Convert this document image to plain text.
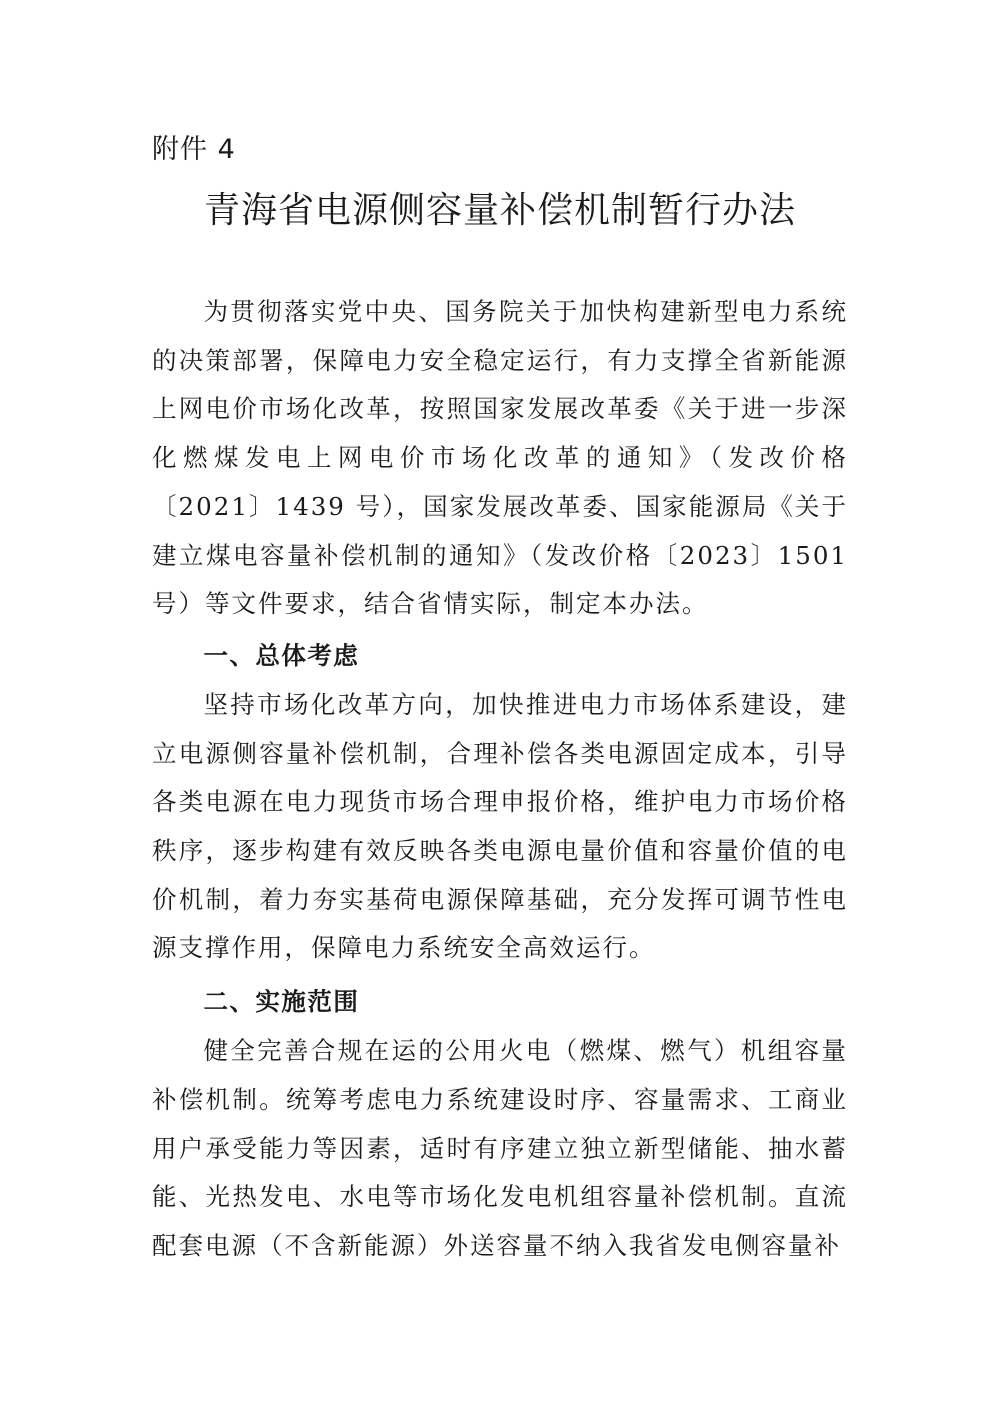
附件 4

青海省电源侧容量补偿机制暂行办法

为贯彻落实党中央、国务院关于加快构建新型电力系统的决策部署，保障电力安全稳定运行，有力支撑全省新能源上网电价市场化改革，按照国家发展改革委《关于进一步深化燃煤发电上网电价市场化改革的通知》（发改价格〔2021〕1439 号），国家发展改革委、国家能源局《关于建立煤电容量补偿机制的通知》（发改价格〔2023〕1501 号）等文件要求，结合省情实际，制定本办法。

一、总体考虑

坚持市场化改革方向，加快推进电力市场体系建设，建立电源侧容量补偿机制，合理补偿各类电源固定成本，引导各类电源在电力现货市场合理申报价格，维护电力市场价格秩序，逐步构建有效反映各类电源电量价值和容量价值的电价机制，着力夯实基荷电源保障基础，充分发挥可调节性电源支撑作用，保障电力系统安全高效运行。

二、实施范围

健全完善合规在运的公用火电（燃煤、燃气）机组容量补偿机制。统筹考虑电力系统建设时序、容量需求、工商业用户承受能力等因素，适时有序建立独立新型储能、抽水蓄能、光热发电、水电等市场化发电机组容量补偿机制。直流配套电源（不含新能源）外送容量不纳入我省发电侧容量补
